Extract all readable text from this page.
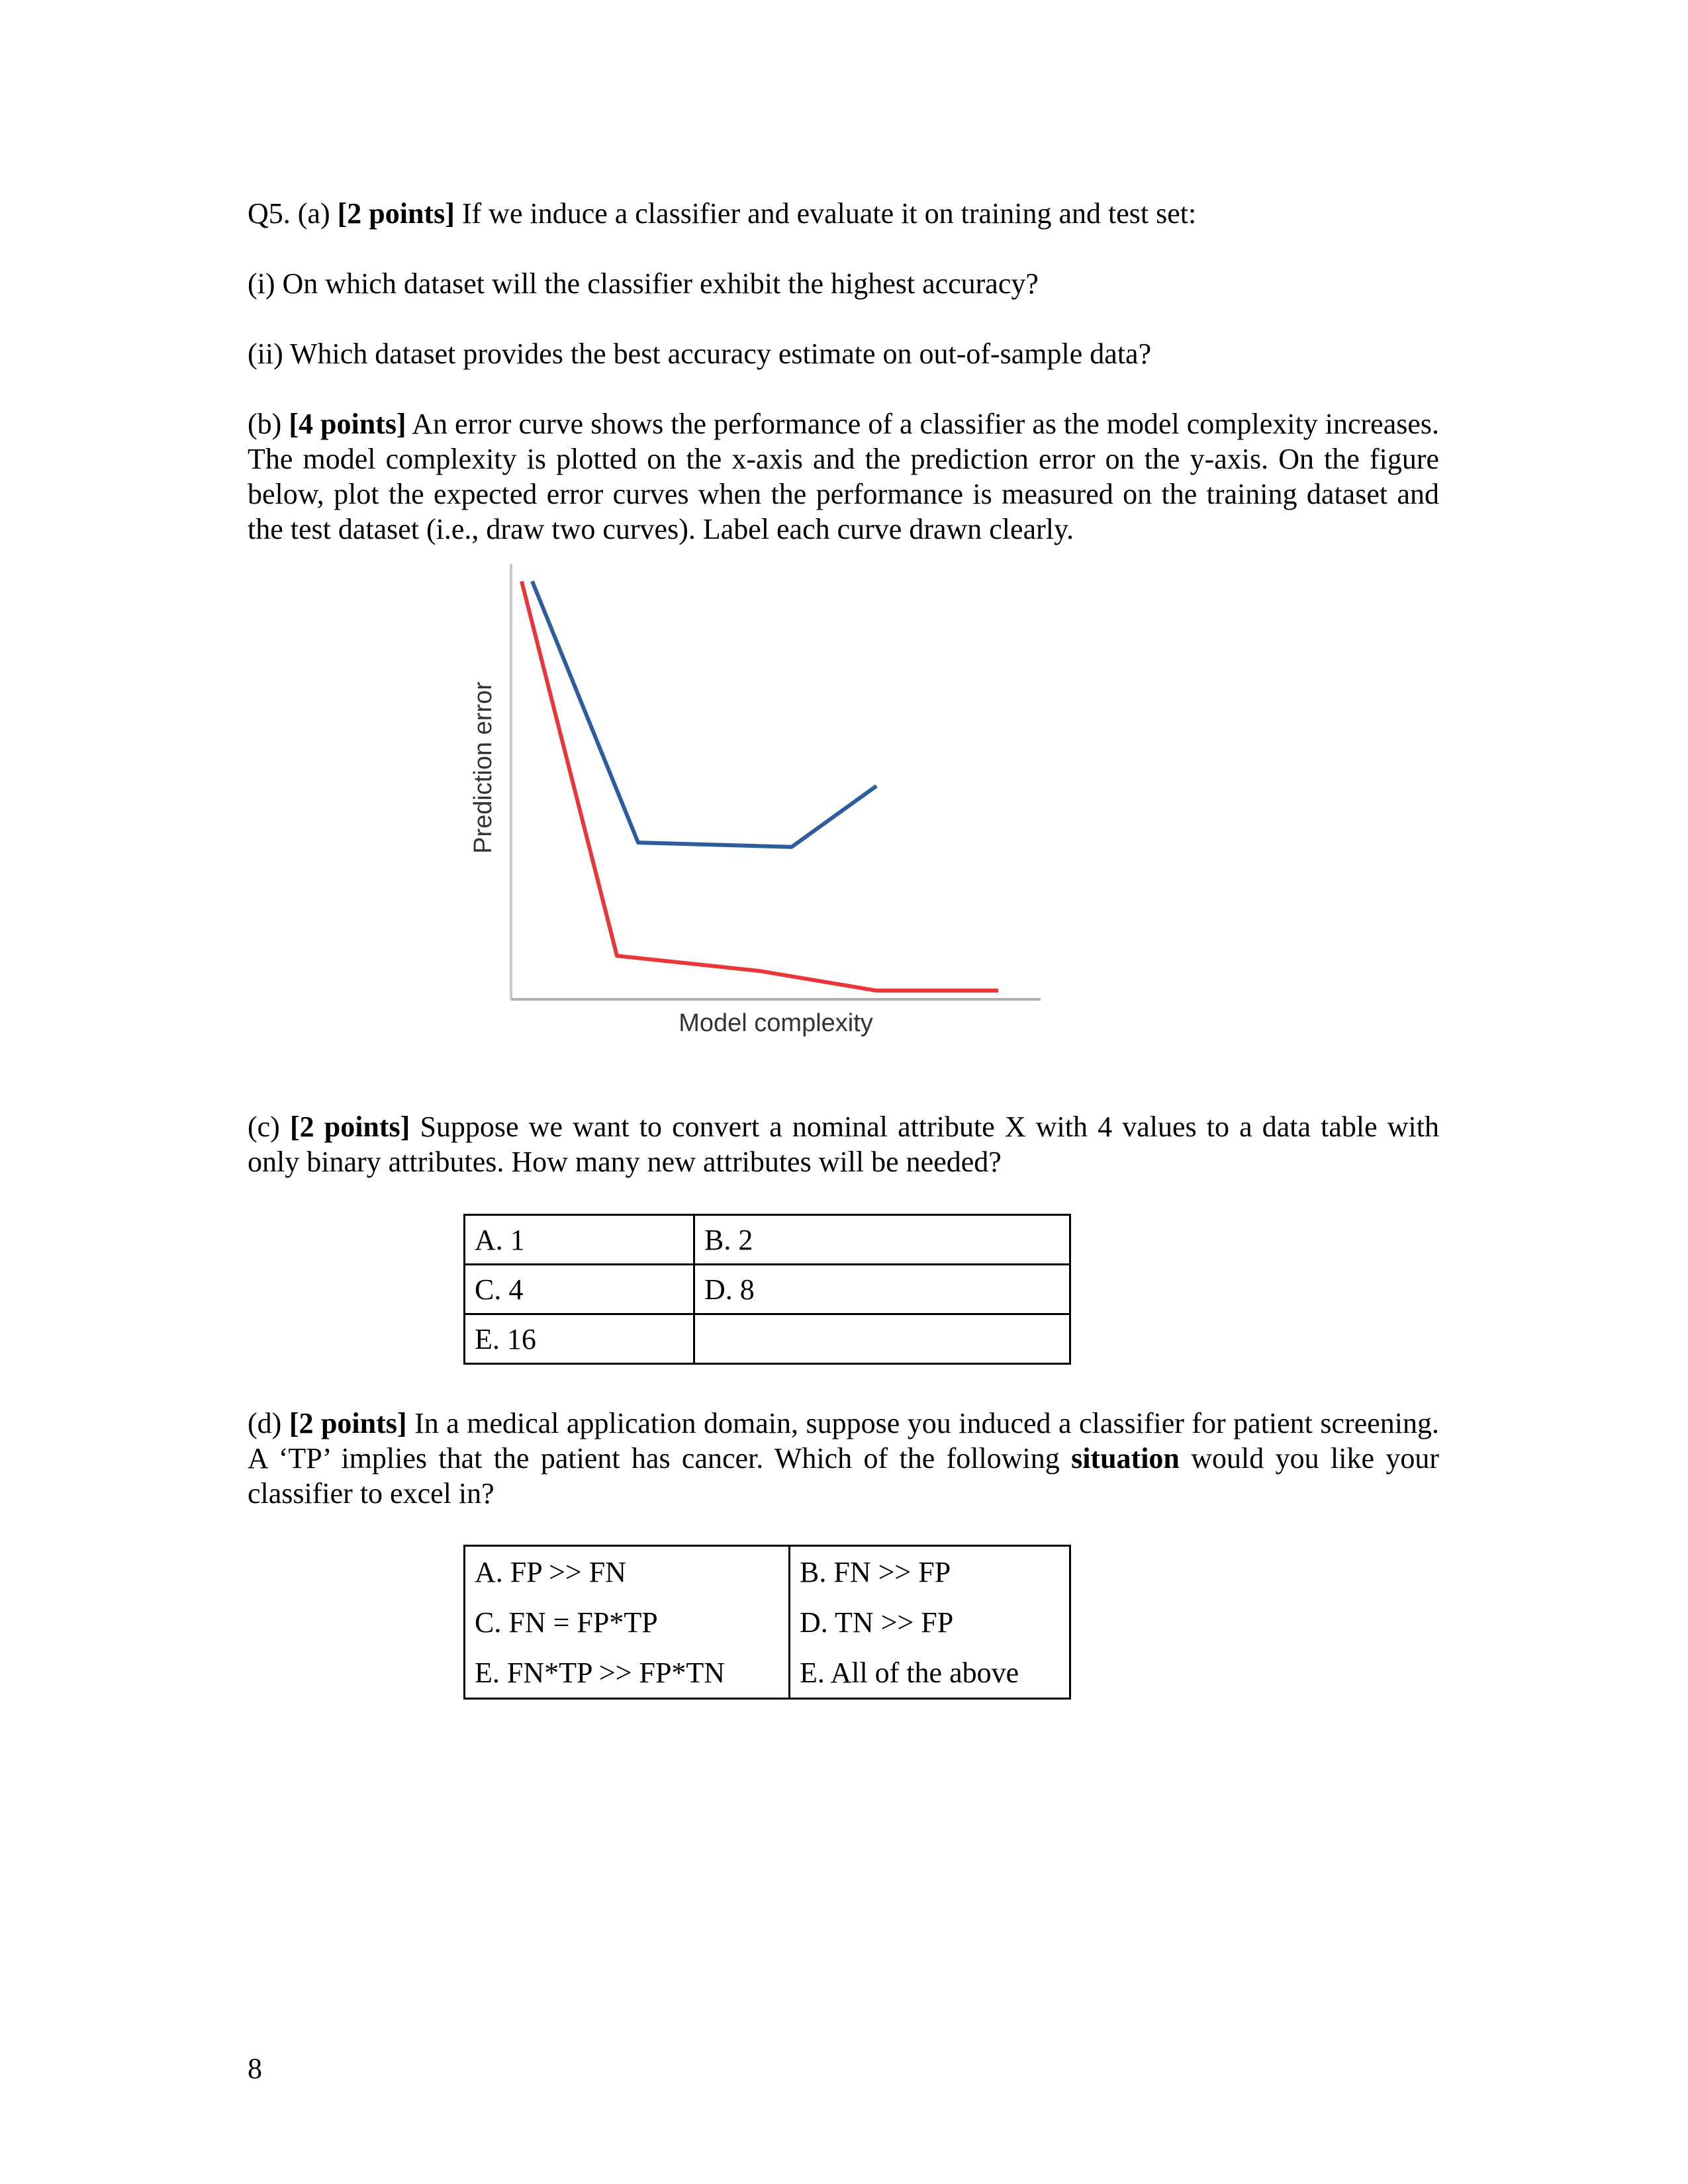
Q5. (a) [2 points] If we induce a classifier and evaluate it on training and test set:
(i) On which dataset will the classifier exhibit the highest accuracy?
(ii) Which dataset provides the best accuracy estimate on out-of-sample data?
(b) [4 points] An error curve shows the performance of a classifier as the model complexity increases. The model complexity is plotted on the x-axis and the prediction error on the y-axis. On the figure below, plot the expected error curves when the performance is measured on the training dataset and the test dataset (i.e., draw two curves). Label each curve drawn clearly.
Model complexity
Prediction error
(c) [2 points] Suppose we want to convert a nominal attribute X with 4 values to a data table with only binary attributes. How many new attributes will be needed?
A. 1	B. 2
C. 4	D. 8
E. 16	
(d) [2 points] In a medical application domain, suppose you induced a classifier for patient screening. A ‘TP’ implies that the patient has cancer. Which of the following situation would you like your classifier to excel in?
A. FP >> FN	B. FN >> FP
C. FN = FP*TP	D. TN >> FP
E. FN*TP >> FP*TN	E. All of the above
8
